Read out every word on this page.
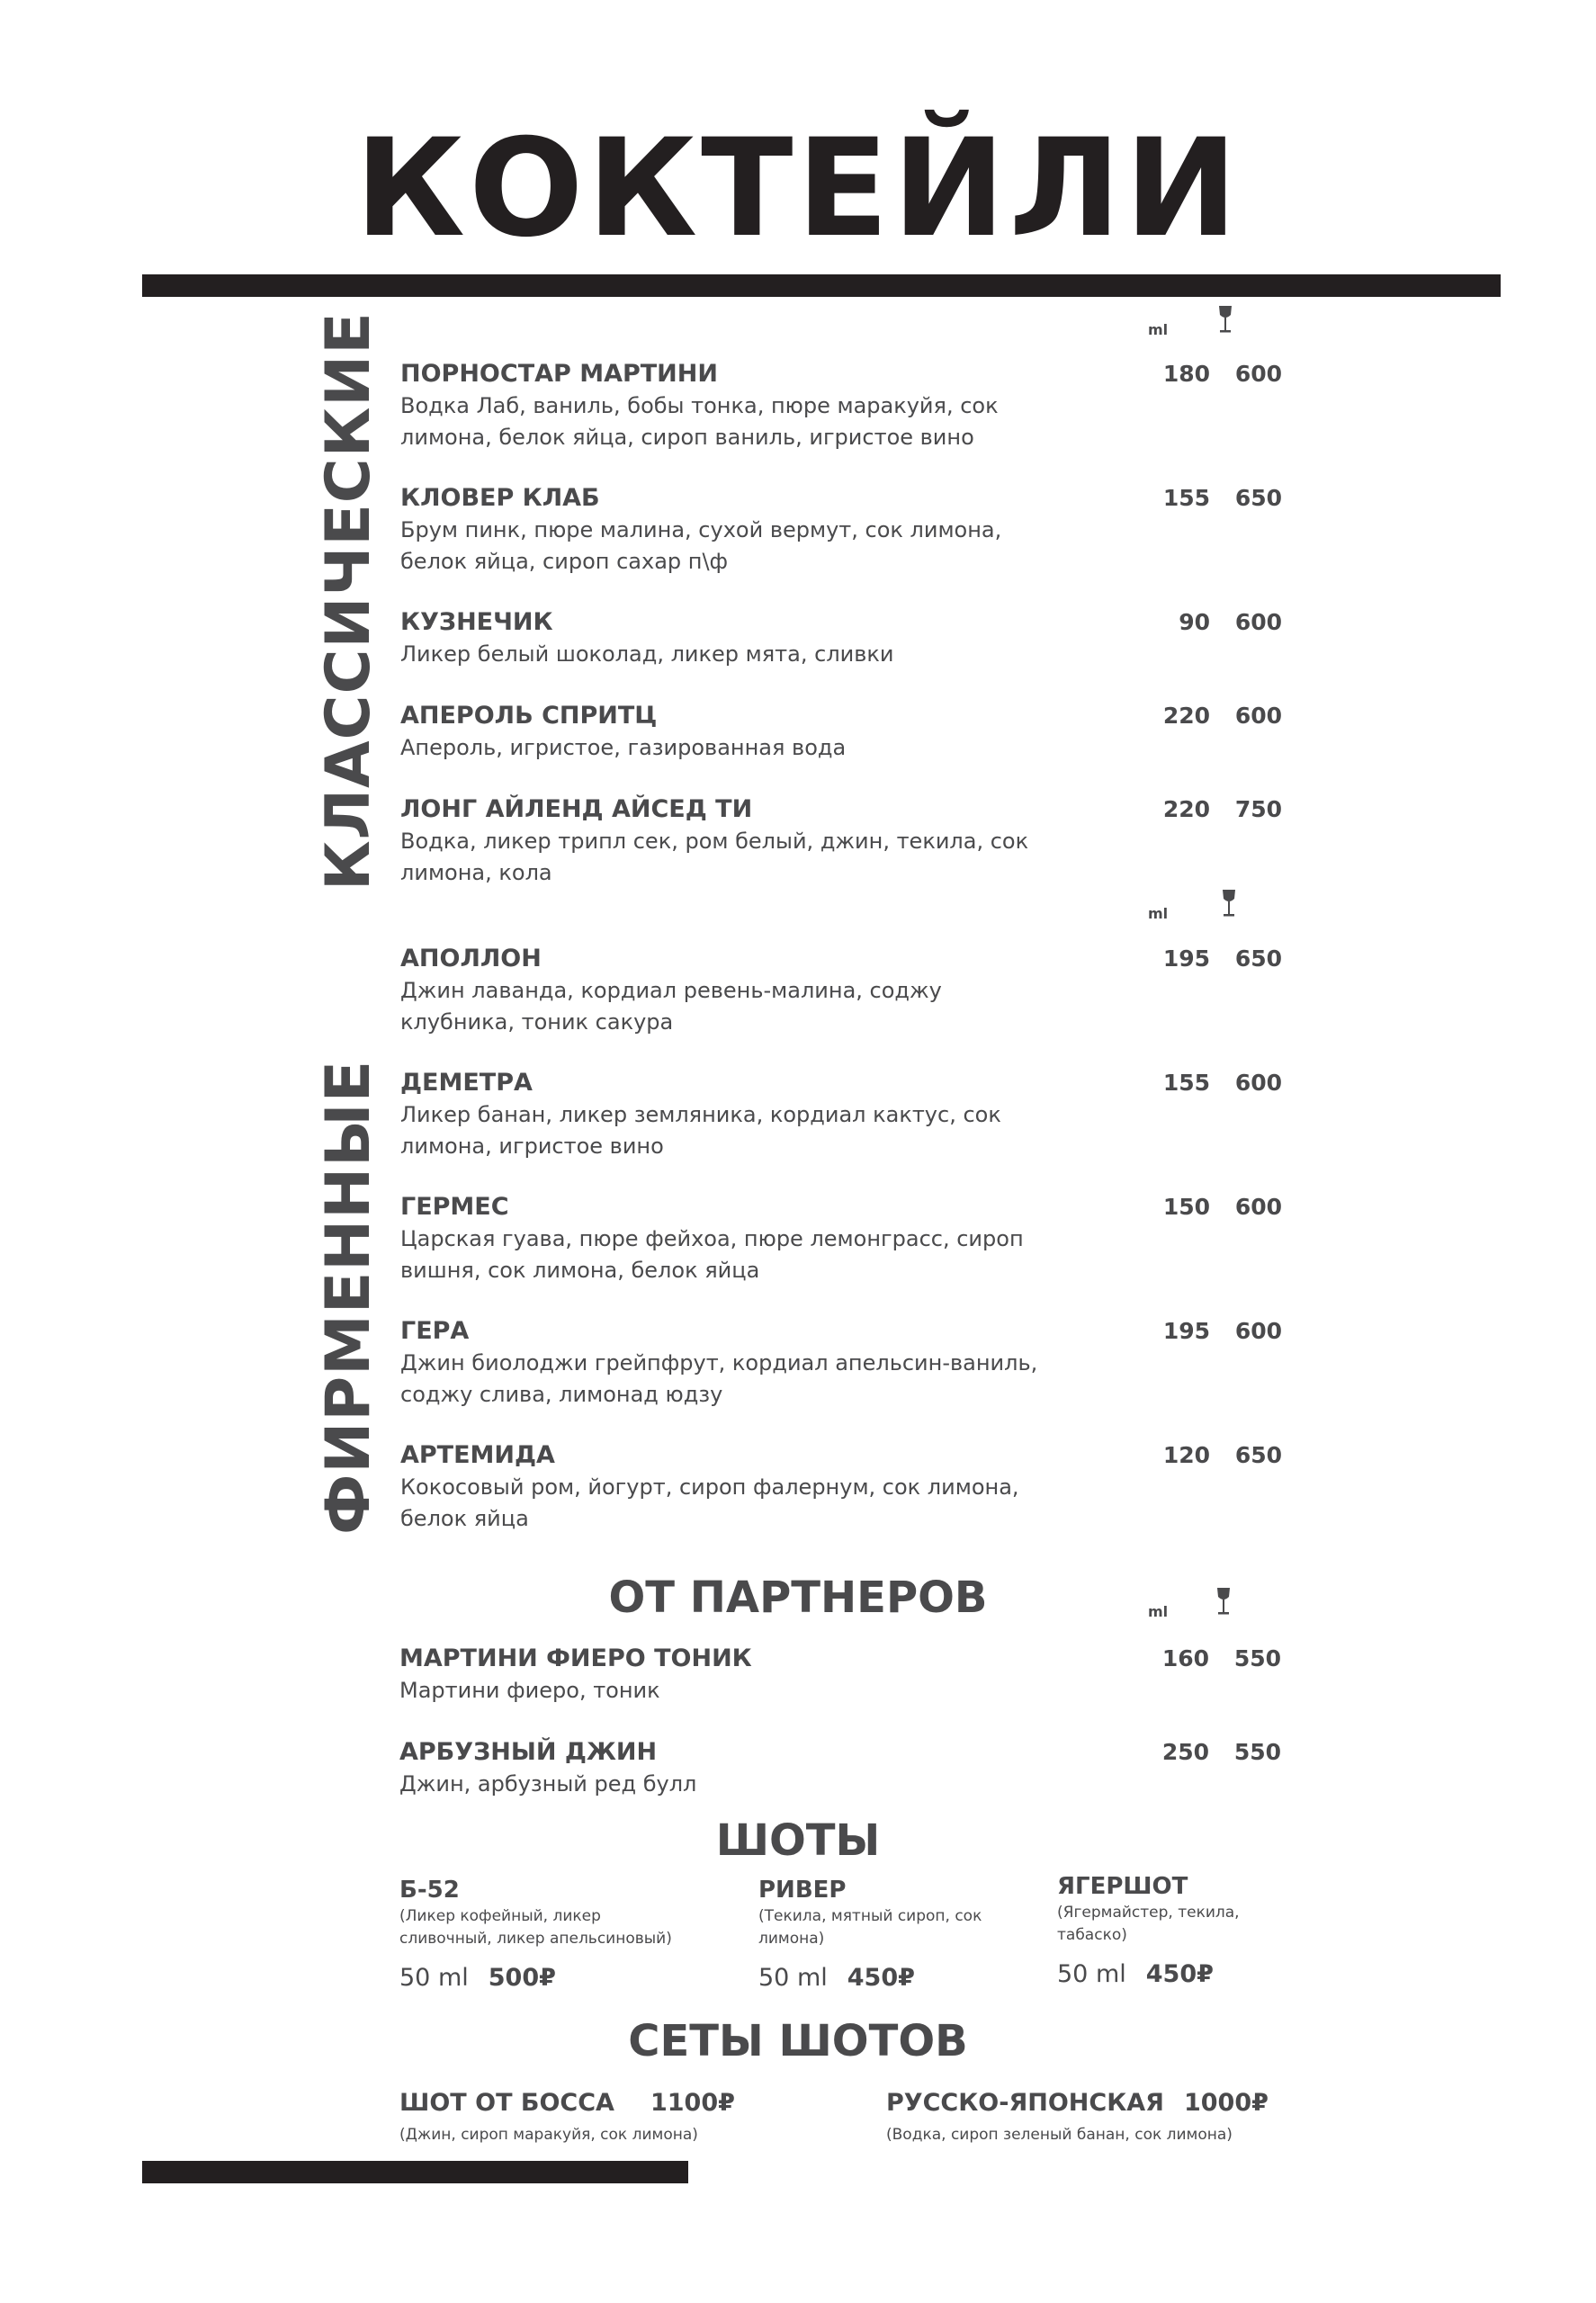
КОКТЕЙЛИ
КЛАССИЧЕСКИЕ
ФИРМЕННЫЕ
ml
ПОРНОСТАР МАРТИНИ
Водка Лаб, ваниль, бобы тонка, пюре маракуйя, сок лимона, белок яйца, сироп ваниль, игристое вино
180	600
КЛОВЕР КЛАБ
Брум пинк, пюре малина, сухой вермут, сок лимона, белок яйца, сироп сахар п\ф
155	650
КУЗНЕЧИК
Ликер белый шоколад, ликер мята, сливки
90	600
АПЕРОЛЬ СПРИТЦ
Апероль, игристое, газированная вода
220	600
ЛОНГ АЙЛЕНД АЙСЕД ТИ
Водка, ликер трипл сек, ром белый, джин, текила, сок лимона, кола
220	750
ml
АПОЛЛОН
Джин лаванда, кордиал ревень-малина, соджу клубника, тоник сакура
195	650
ДЕМЕТРА
Ликер банан, ликер земляника, кордиал кактус, сок лимона, игристое вино
155	600
ГЕРМЕС
Царская гуава, пюре фейхоа, пюре лемонграсс, сироп вишня, сок лимона, белок яйца
150	600
ГЕРА
Джин биолоджи грейпфрут, кордиал апельсин-ваниль, соджу слива, лимонад юдзу
195	600
АРТЕМИДА
Кокосовый ром, йогурт, сироп фалернум, сок лимона, белок яйца
120	650
ОТ ПАРТНЕРОВ	ml
МАРТИНИ ФИЕРО ТОНИК
Мартини фиеро, тоник
160	550
АРБУЗНЫЙ ДЖИН
Джин, арбузный ред булл
250	550
ШОТЫ
Б-52
(Ликер кофейный, ликер сливочный, ликер апельсиновый)
50 ml 500₽
РИВЕР
(Текила, мятный сироп, сок лимона)
50 ml 450₽
ЯГЕРШОТ
(Ягермайстер, текила, табаско)
50 ml 450₽
СЕТЫ ШОТОВ
ШОТ ОТ БОССА 1100₽
(Джин, сироп маракуйя, сок лимона)
РУССКО-ЯПОНСКАЯ 1000₽
(Водка, сироп зеленый банан, сок лимона)
